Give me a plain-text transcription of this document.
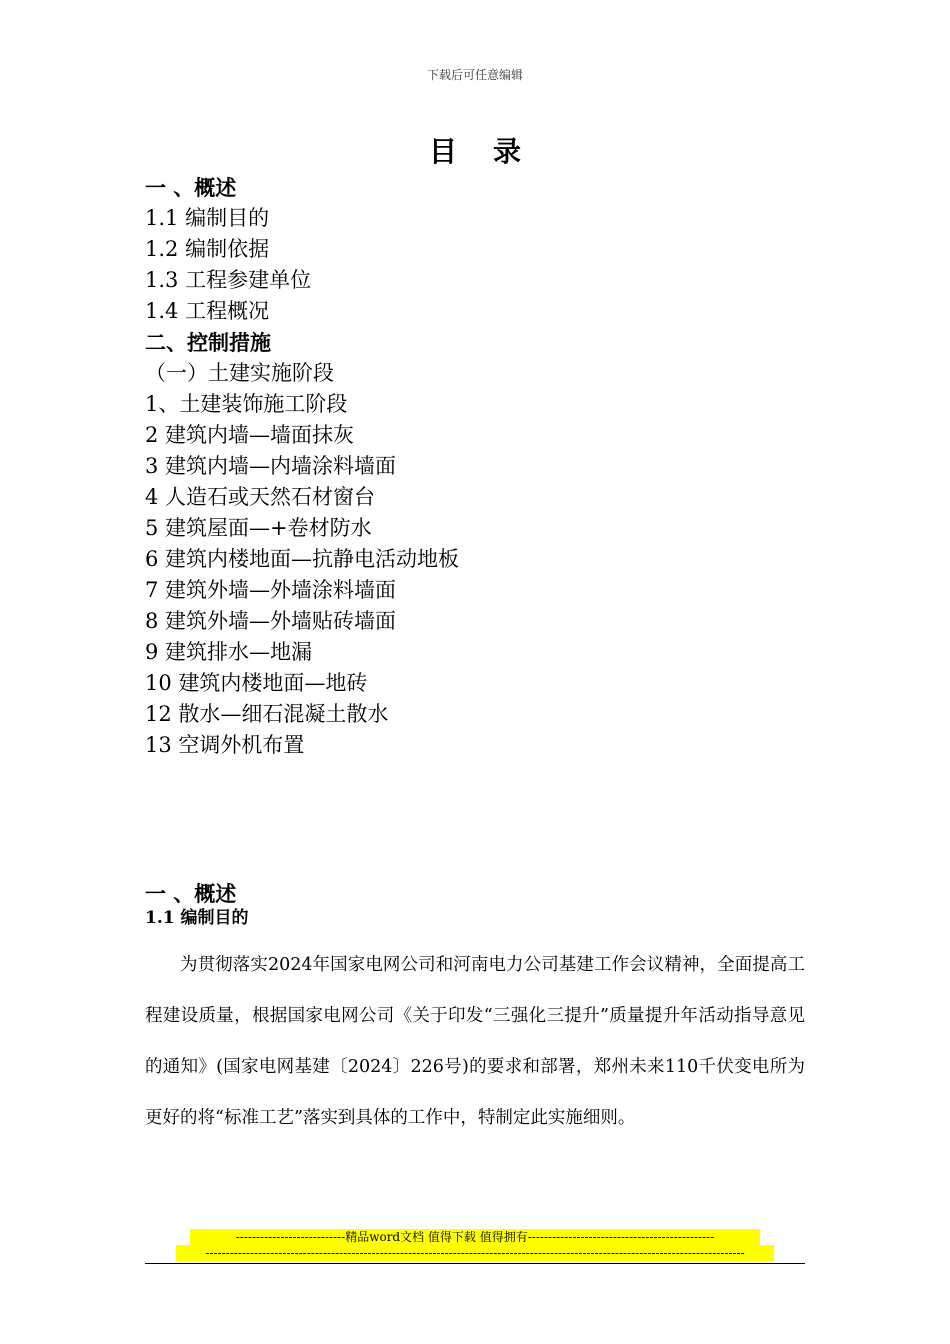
下载后可任意编辑
目录
一 、概述
1.1 编制目的
1.2 编制依据
1.3 工程参建单位
1.4 工程概况
二、控制措施
（一）土建实施阶段
1、土建装饰施工阶段
2 建筑内墙—墙面抹灰
3 建筑内墙—内墙涂料墙面
4 人造石或天然石材窗台
5 建筑屋面—+卷材防水
6 建筑内楼地面—抗静电活动地板
7 建筑外墙—外墙涂料墙面
8 建筑外墙—外墙贴砖墙面
9 建筑排水—地漏
10 建筑内楼地面—地砖
12 散水—细石混凝土散水
13 空调外机布置
一 、概述
1.1 编制目的

为贯彻落实2024年国家电网公司和河南电力公司基建工作会议精神，全面提高工程建设质量，根据国家电网公司《关于印发“三强化三提升”质量提升年活动指导意见的通知》(国家电网基建〔2024〕226号)的要求和部署，郑州未来110千伏变电所为更好的将“标准工艺”落实到具体的工作中，特制定此实施细则。

---------------------------精品word文档 值得下载 值得拥有----------------------------------------------
-------------------------------------------------------------------------------------------------------------------------------------
